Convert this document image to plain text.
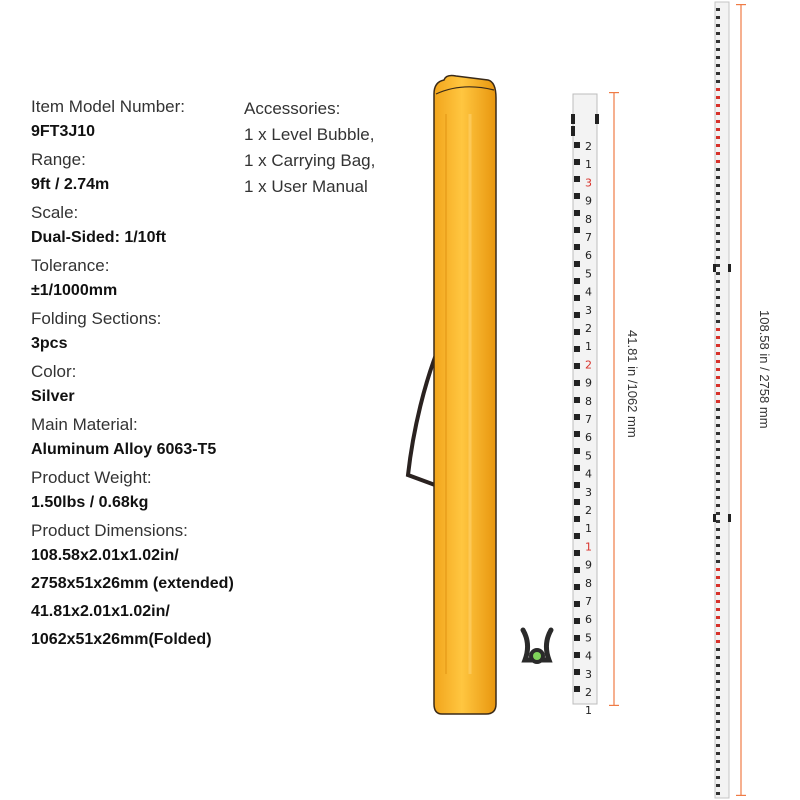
Item Model Number:
9FT3J10
Range:
9ft / 2.74m
Scale:
Dual-Sided: 1/10ft
Tolerance:
±1/1000mm
Folding Sections:
3pcs
Color:
Silver
Main Material:
Aluminum Alloy 6063-T5
Product Weight:
1.50lbs / 0.68kg
Product Dimensions:
108.58x2.01x1.02in/
2758x51x26mm (extended)
41.81x2.01x1.02in/
1062x51x26mm(Folded)
Accessories:
1 x Level Bubble,
1 x Carrying Bag,
1 x User Manual
2
1
3
9
8
7
6
5
4
3
2
1
2
9
8
7
6
5
4
3
2
1
1
9
8
7
6
5
4
3
2
1
41.81 in /1062 mm	108.58 in / 2758 mm
